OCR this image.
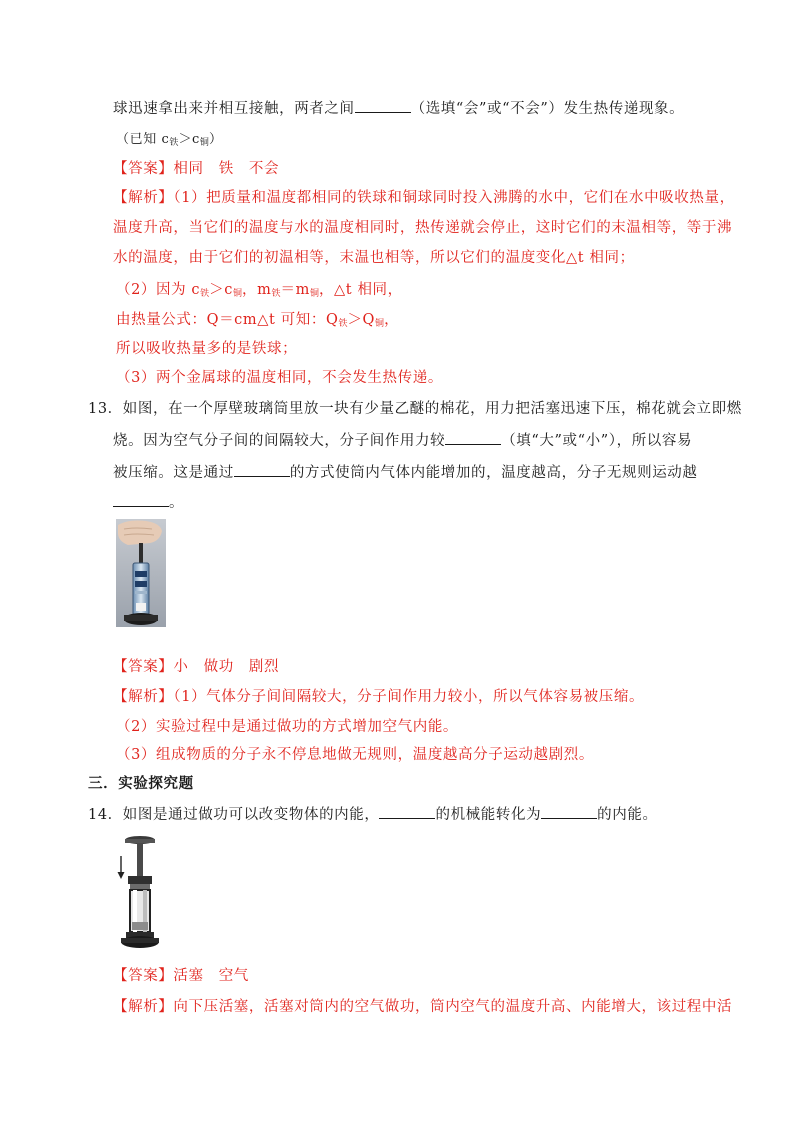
球迅速拿出来并相互接触，两者之间	（选填“会”或“不会”）发生热传递现象。
（已知 $c_铁>c_铜$）
【答案】相同　铁　不会
【解析】（1）把质量和温度都相同的铁球和铜球同时投入沸腾的水中，它们在水中吸收热量，
温度升高，当它们的温度与水的温度相同时，热传递就会停止，这时它们的末温相等，等于沸
水的温度，由于它们的初温相等，末温也相等，所以它们的温度变化△t 相同；
（2）因为 $c_铁>c_铜$，$m_铁=m_铜$，△t 相同，
由热量公式：Q＝cm△t 可知：$Q_铁>Q_铜$，
所以吸收热量多的是铁球；
（3）两个金属球的温度相同，不会发生热传递。
13．如图，在一个厚壁玻璃筒里放一块有少量乙醚的棉花，用力把活塞迅速下压，棉花就会立即燃
烧。因为空气分子间的间隔较大，分子间作用力较	（填“大”或“小”），所以容易
被压缩。这是通过	的方式使筒内气体内能增加的，温度越高，分子无规则运动越
。
【答案】小　做功　剧烈
【解析】（1）气体分子间间隔较大，分子间作用力较小，所以气体容易被压缩。
（2）实验过程中是通过做功的方式增加空气内能。
（3）组成物质的分子永不停息地做无规则，温度越高分子运动越剧烈。
三．实验探究题
14．如图是通过做功可以改变物体的内能，	的机械能转化为	的内能。
【答案】活塞　空气
【解析】向下压活塞，活塞对筒内的空气做功，筒内空气的温度升高、内能增大，该过程中活
